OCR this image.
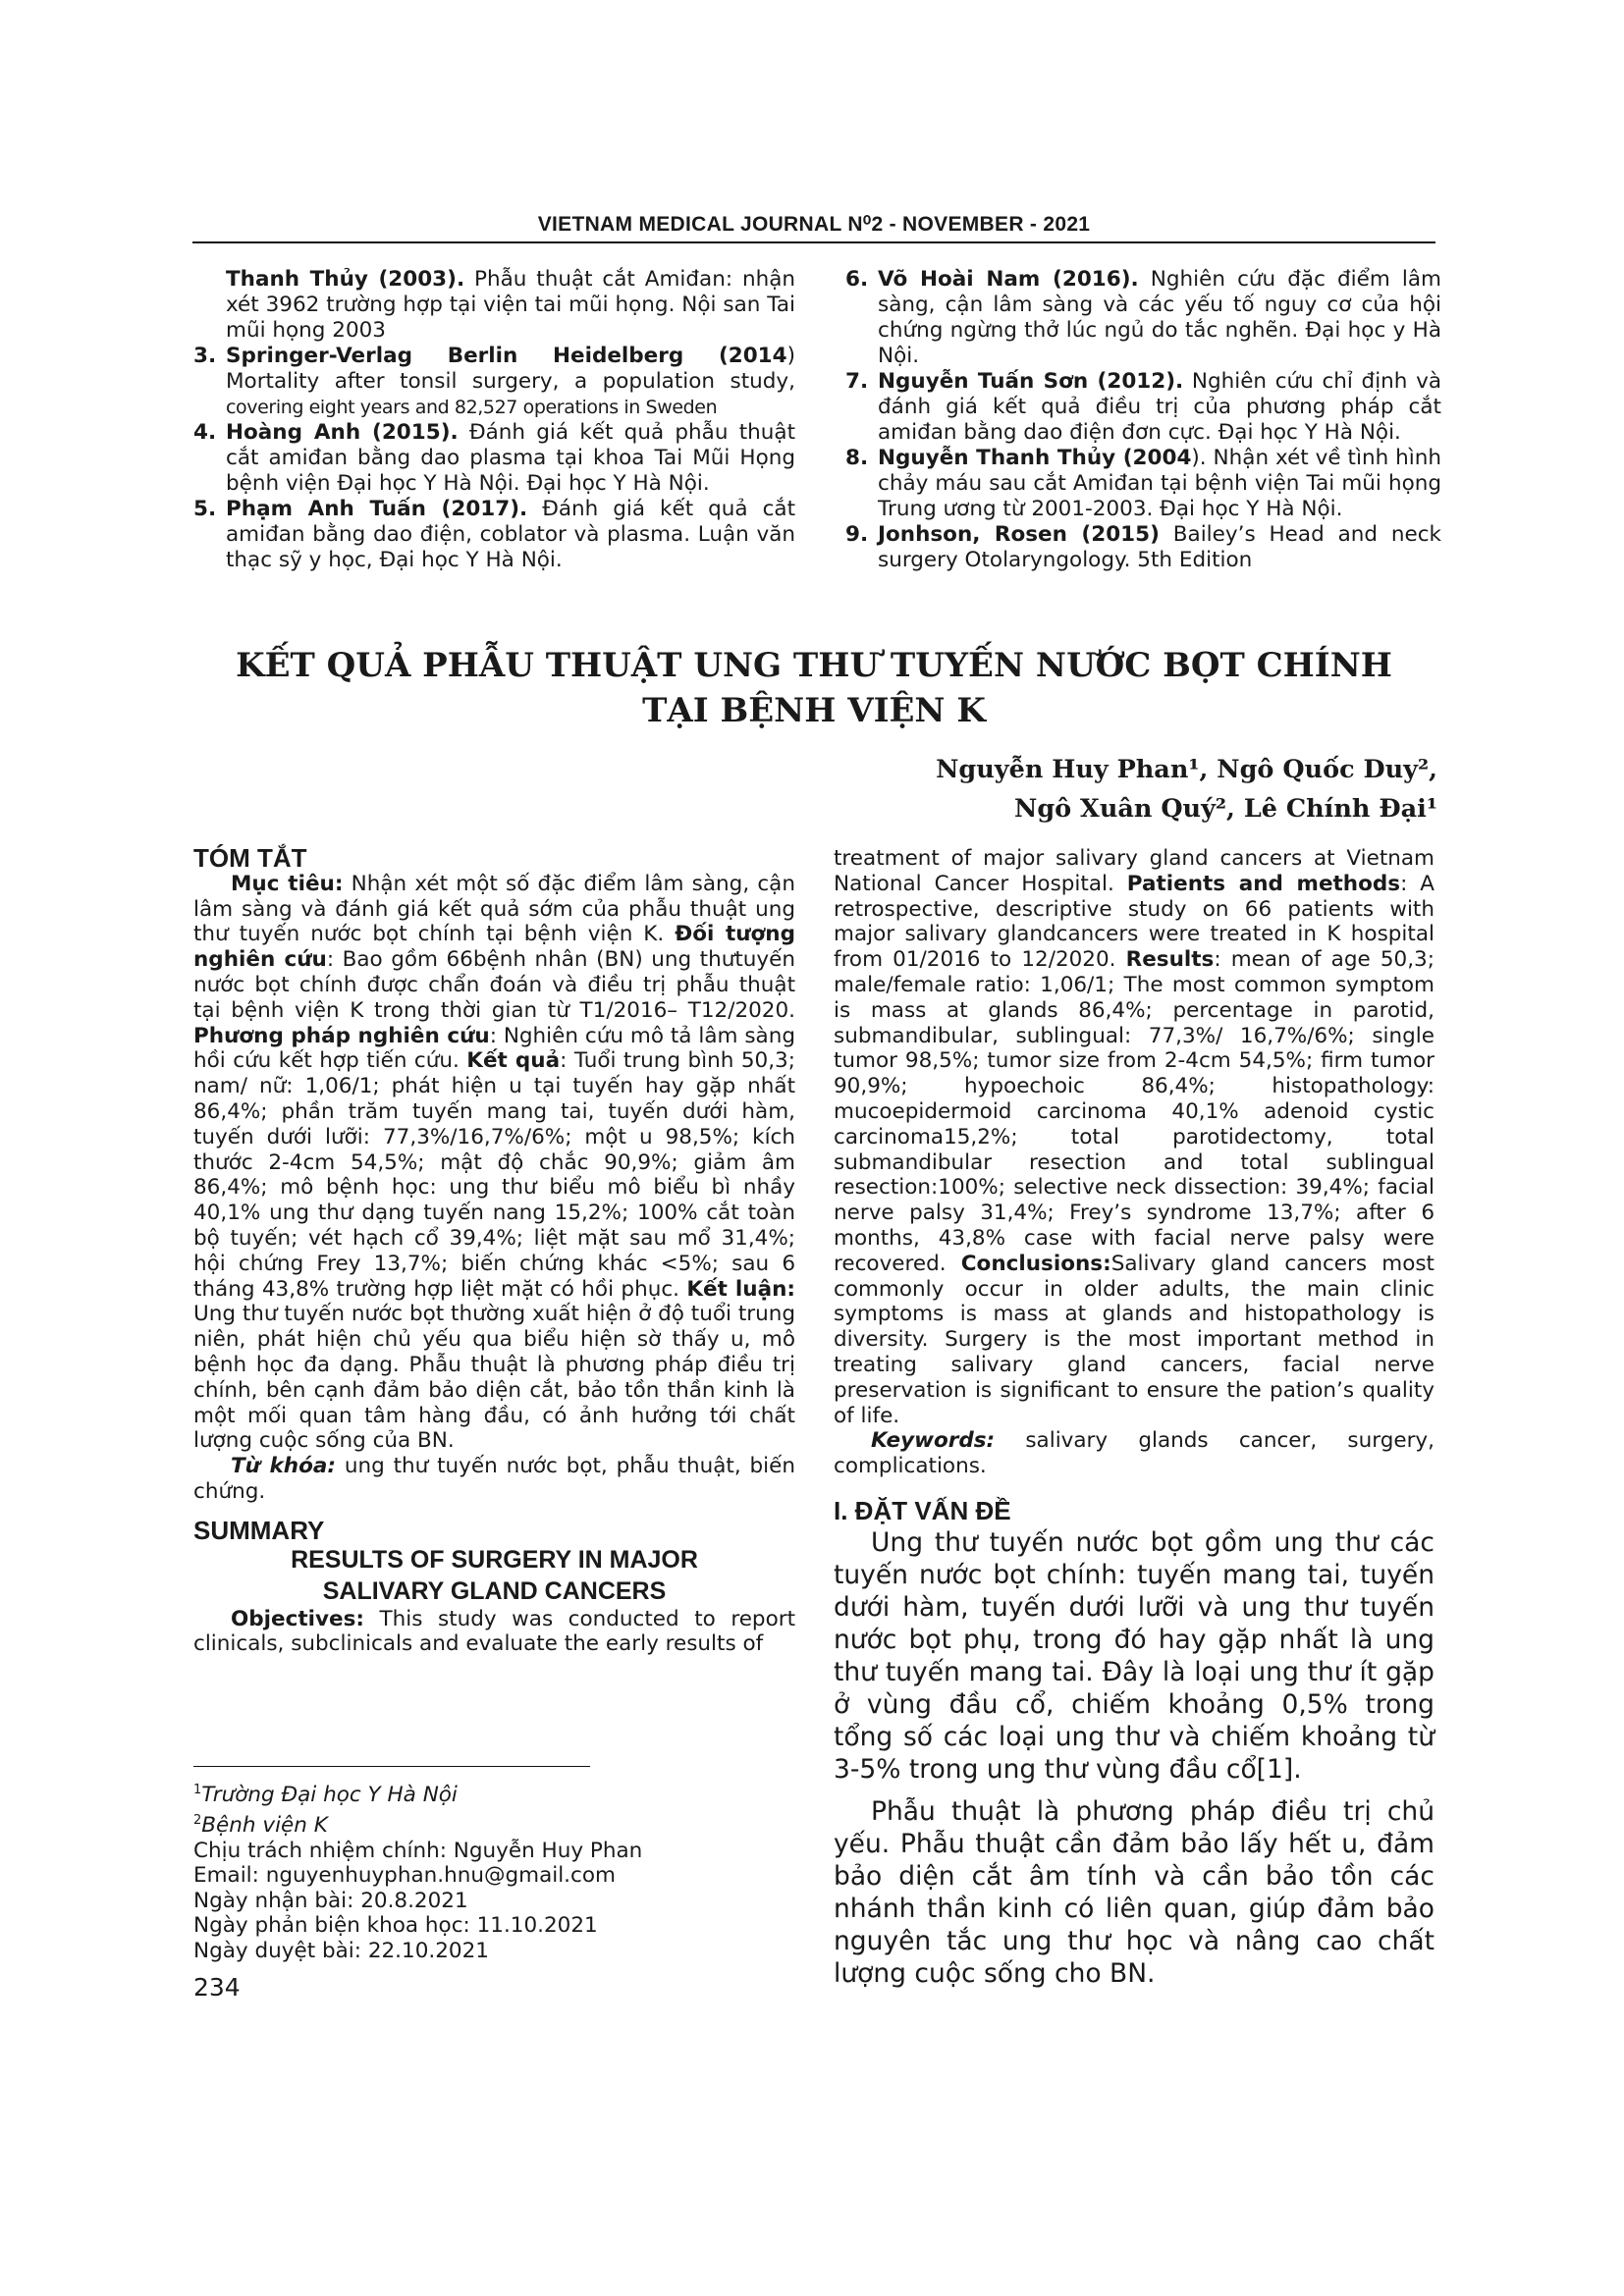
VIETNAM MEDICAL JOURNAL N⁰2 - NOVEMBER - 2021

Thanh Thủy (2003). Phẫu thuật cắt Amiđan: nhận xét 3962 trường hợp tại viện tai mũi họng. Nội san Tai mũi họng 2003

3. Springer-Verlag Berlin Heidelberg (2014) Mortality after tonsil surgery, a population study, covering eight years and 82,527 operations in Sweden

4. Hoàng Anh (2015). Đánh giá kết quả phẫu thuật cắt amiđan bằng dao plasma tại khoa Tai Mũi Họng bệnh viện Đại học Y Hà Nội. Đại học Y Hà Nội.

5. Phạm Anh Tuấn (2017). Đánh giá kết quả cắt amiđan bằng dao điện, coblator và plasma. Luận văn thạc sỹ y học, Đại học Y Hà Nội.

6. Võ Hoài Nam (2016). Nghiên cứu đặc điểm lâm sàng, cận lâm sàng và các yếu tố nguy cơ của hội chứng ngừng thở lúc ngủ do tắc nghẽn. Đại học y Hà Nội.

7. Nguyễn Tuấn Sơn (2012). Nghiên cứu chỉ định và đánh giá kết quả điều trị của phương pháp cắt amiđan bằng dao điện đơn cực. Đại học Y Hà Nội.

8. Nguyễn Thanh Thủy (2004). Nhận xét về tình hình chảy máu sau cắt Amiđan tại bệnh viện Tai mũi họng Trung ương từ 2001-2003. Đại học Y Hà Nội.

9. Jonhson, Rosen (2015) Bailey’s Head and neck surgery Otolaryngology. 5th Edition

KẾT QUẢ PHẪU THUẬT UNG THƯ TUYẾN NƯỚC BỌT CHÍNH
TẠI BỆNH VIỆN K
Nguyễn Huy Phan¹, Ngô Quốc Duy²,
Ngô Xuân Quý², Lê Chính Đại¹

TÓM TẮT

Mục tiêu: Nhận xét một số đặc điểm lâm sàng, cận lâm sàng và đánh giá kết quả sớm của phẫu thuật ung thư tuyến nước bọt chính tại bệnh viện K. Đối tượng nghiên cứu: Bao gồm 66bệnh nhân (BN) ung thưtuyến nước bọt chính được chẩn đoán và điều trị phẫu thuật tại bệnh viện K trong thời gian từ T1/2016– T12/2020. Phương pháp nghiên cứu: Nghiên cứu mô tả lâm sàng hồi cứu kết hợp tiến cứu. Kết quả: Tuổi trung bình 50,3; nam/ nữ: 1,06/1; phát hiện u tại tuyến hay gặp nhất 86,4%; phần trăm tuyến mang tai, tuyến dưới hàm, tuyến dưới lưỡi: 77,3%/16,7%/6%; một u 98,5%; kích thước 2-4cm 54,5%; mật độ chắc 90,9%; giảm âm 86,4%; mô bệnh học: ung thư biểu mô biểu bì nhầy 40,1% ung thư dạng tuyến nang 15,2%; 100% cắt toàn bộ tuyến; vét hạch cổ 39,4%; liệt mặt sau mổ 31,4%; hội chứng Frey 13,7%; biến chứng khác <5%; sau 6 tháng 43,8% trường hợp liệt mặt có hồi phục. Kết luận: Ung thư tuyến nước bọt thường xuất hiện ở độ tuổi trung niên, phát hiện chủ yếu qua biểu hiện sờ thấy u, mô bệnh học đa dạng. Phẫu thuật là phương pháp điều trị chính, bên cạnh đảm bảo diện cắt, bảo tồn thần kinh là một mối quan tâm hàng đầu, có ảnh hưởng tới chất lượng cuộc sống của BN.

Từ khóa: ung thư tuyến nước bọt, phẫu thuật, biến chứng.

SUMMARY

RESULTS OF SURGERY IN MAJOR
SALIVARY GLAND CANCERS

Objectives: This study was conducted to report clinicals, subclinicals and evaluate the early results of

treatment of major salivary gland cancers at Vietnam National Cancer Hospital. Patients and methods: A retrospective, descriptive study on 66 patients with major salivary glandcancers were treated in K hospital from 01/2016 to 12/2020. Results: mean of age 50,3; male/female ratio: 1,06/1; The most common symptom is mass at glands 86,4%; percentage in parotid, submandibular, sublingual: 77,3%/ 16,7%/6%; single tumor 98,5%; tumor size from 2-4cm 54,5%; firm tumor 90,9%; hypoechoic 86,4%; histopathology: mucoepidermoid carcinoma 40,1% adenoid cystic carcinoma15,2%; total parotidectomy, total submandibular resection and total sublingual resection:100%; selective neck dissection: 39,4%; facial nerve palsy 31,4%; Frey’s syndrome 13,7%; after 6 months, 43,8% case with facial nerve palsy were recovered. Conclusions:Salivary gland cancers most commonly occur in older adults, the main clinic symptoms is mass at glands and histopathology is diversity. Surgery is the most important method in treating salivary gland cancers, facial nerve preservation is significant to ensure the pation’s quality of life.

Keywords: salivary glands cancer, surgery, complications.

I. ĐẶT VẤN ĐỀ

Ung thư tuyến nước bọt gồm ung thư các tuyến nước bọt chính: tuyến mang tai, tuyến dưới hàm, tuyến dưới lưỡi và ung thư tuyến nước bọt phụ, trong đó hay gặp nhất là ung thư tuyến mang tai. Đây là loại ung thư ít gặp ở vùng đầu cổ, chiếm khoảng 0,5% trong tổng số các loại ung thư và chiếm khoảng từ 3-5% trong ung thư vùng đầu cổ[1].

Phẫu thuật là phương pháp điều trị chủ yếu. Phẫu thuật cần đảm bảo lấy hết u, đảm bảo diện cắt âm tính và cần bảo tồn các nhánh thần kinh có liên quan, giúp đảm bảo nguyên tắc ung thư học và nâng cao chất lượng cuộc sống cho BN.

$^1$Trường Đại học Y Hà Nội

$^2$Bệnh viện K

Chịu trách nhiệm chính: Nguyễn Huy Phan

Email: nguyenhuyphan.hnu@gmail.com

Ngày nhận bài: 20.8.2021

Ngày phản biện khoa học: 11.10.2021

Ngày duyệt bài: 22.10.2021

234
